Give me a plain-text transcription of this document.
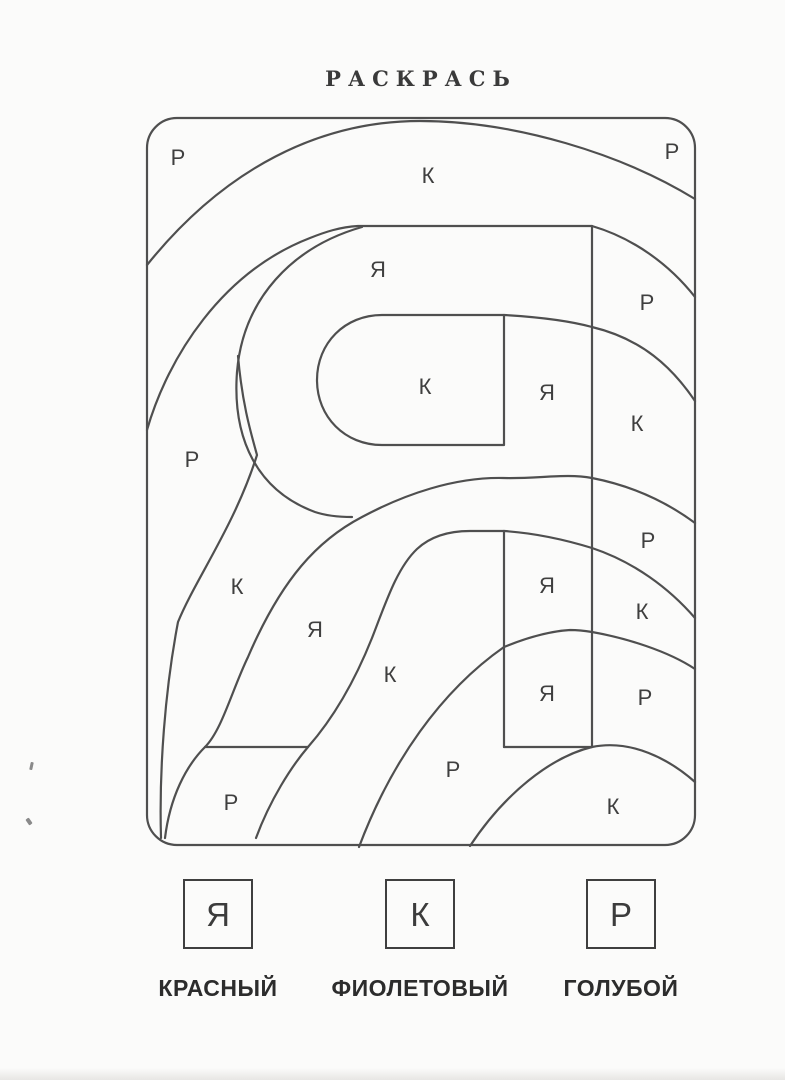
РАСКРАСЬ
Р
К
Р
Я
Р
К	Я
К
Р
К
Я
К
Р
Я
К
Я	Р
Р
Р
К
Я
КРАСНЫЙ
К
ФИОЛЕТОВЫЙ
Р
ГОЛУБОЙ
